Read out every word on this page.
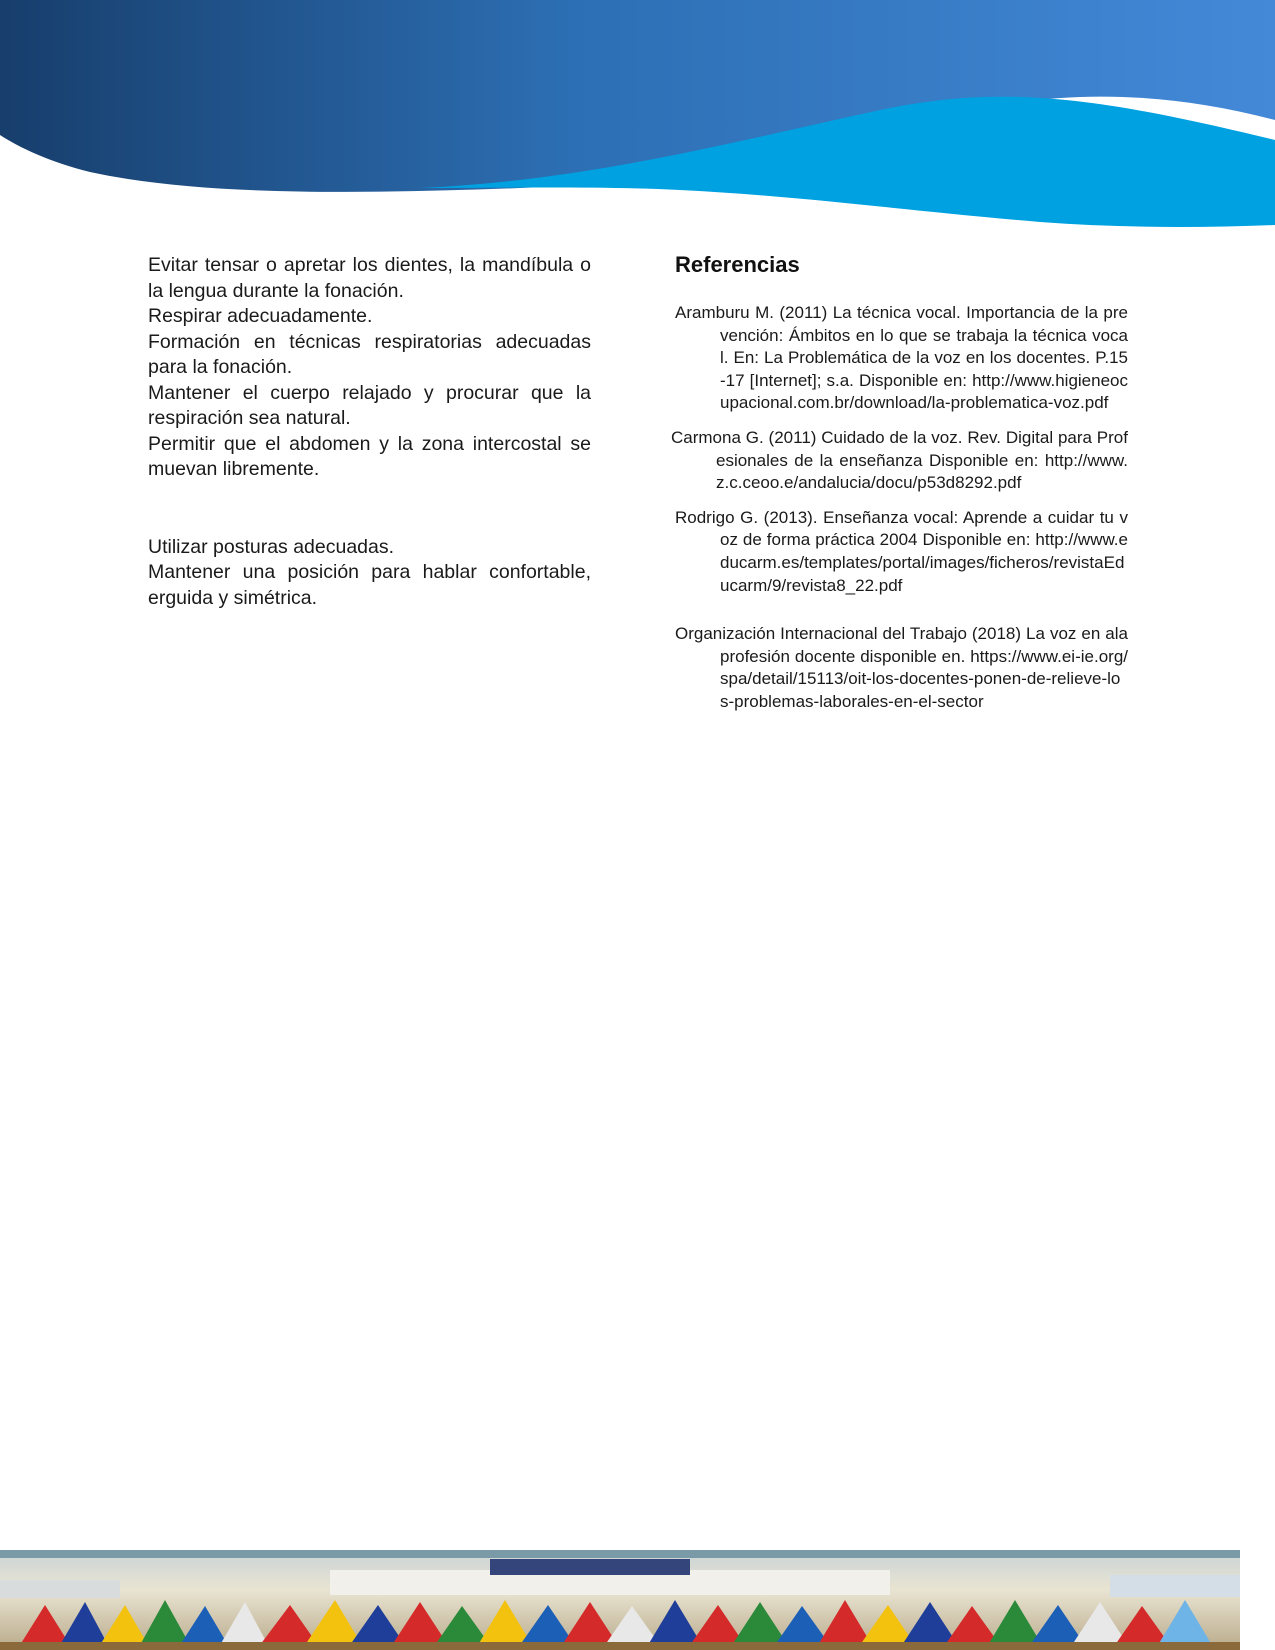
Evitar tensar o apretar los dientes, la mandíbula o la lengua durante la fonación.

Respirar adecuadamente.

Formación en técnicas respiratorias adecuadas para la fonación.

Mantener el cuerpo relajado y procurar que la respiración sea natural.

Permitir que el abdomen y la zona intercostal se muevan libremente.

Utilizar posturas adecuadas.

Mantener una posición para hablar confortable, erguida y simétrica.

Referencias

Aramburu M. (2011) La técnica vocal. Importancia de la prevención: Ámbitos en lo que se trabaja la técnica vocal. En: La Problemática de la voz en los docentes. P.15-17 [Internet]; s.a. Disponible en: http://www.higieneocupacional.com.br/download/la-problematica-voz.pdf

Carmona G. (2011) Cuidado de la voz. Rev. Digital para Profesionales de la enseñanza Disponible en: http://www.z.c.ceoo.e/andalucia/docu/p53d8292.pdf

Rodrigo G. (2013). Enseñanza vocal: Aprende a cuidar tu voz de forma práctica 2004 Disponible en: http://www.educarm.es/templates/portal/images/ficheros/revistaEducarm/9/revista8_22.pdf

Organización Internacional del Trabajo (2018) La voz en ala profesión docente disponible en. https://www.ei-ie.org/spa/detail/15113/oit-los-docentes-ponen-de-relieve-los-problemas-laborales-en-el-sector
